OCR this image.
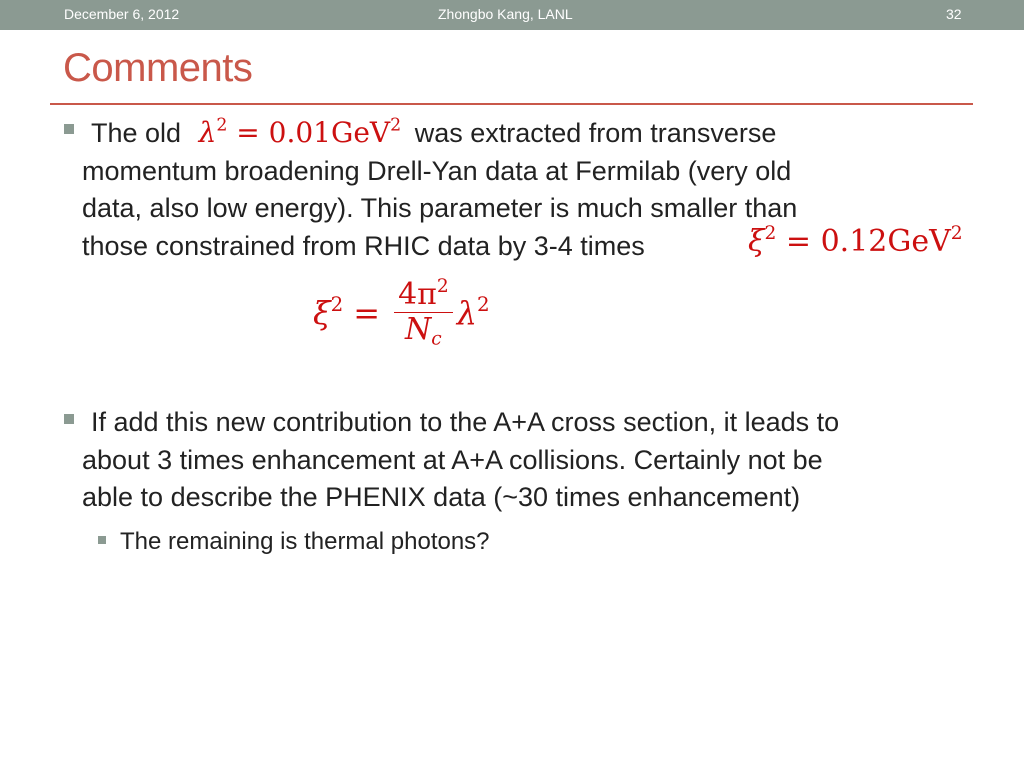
December 6, 2012	Zhongbo Kang, LANL	32
Comments
The old $\lambda^2 = 0.01GeV^2$ was extracted from transverse
momentum broadening Drell-Yan data at Fermilab (very old
data, also low energy). This parameter is much smaller than
those constrained from RHIC data by 3-4 times	$\xi^2 = 0.12GeV^2$
$\xi^2 = \frac{4\pi^2}{N_c} \lambda^2$
If add this new contribution to the A+A cross section, it leads to
about 3 times enhancement at A+A collisions. Certainly not be
able to describe the PHENIX data (~30 times enhancement)
The remaining is thermal photons?
